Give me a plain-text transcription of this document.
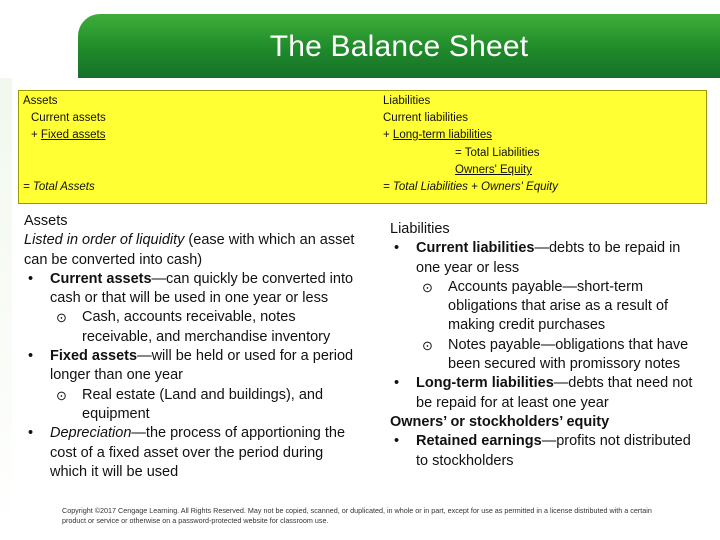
The Balance Sheet
Assets
Current assets
+ Fixed assets
= Total Assets
Liabilities
Current liabilities
+ Long-term liabilities
= Total Liabilities
Owners' Equity
= Total Liabilities + Owners' Equity

Assets

Listed in order of liquidity (ease with which an asset can be converted into cash)

• Current assets—can quickly be converted into cash or that will be used in one year or less

⊙ Cash, accounts receivable, notes receivable, and merchandise inventory

• Fixed assets—will be held or used for a period longer than one year

⊙ Real estate (Land and buildings), and equipment

• Depreciation—the process of apportioning the cost of a fixed asset over the period during which it will be used

Liabilities

• Current liabilities—debts to be repaid in one year or less

⊙ Accounts payable—short-term obligations that arise as a result of making credit purchases

⊙ Notes payable—obligations that have been secured with promissory notes

• Long-term liabilities—debts that need not be repaid for at least one year

Owners’ or stockholders’ equity

• Retained earnings—profits not distributed to stockholders

Copyright ©2017 Cengage Learning. All Rights Reserved. May not be copied, scanned, or duplicated, in whole or in part, except for use as permitted in a license distributed with a certain product or service or otherwise on a password-protected website for classroom use.
